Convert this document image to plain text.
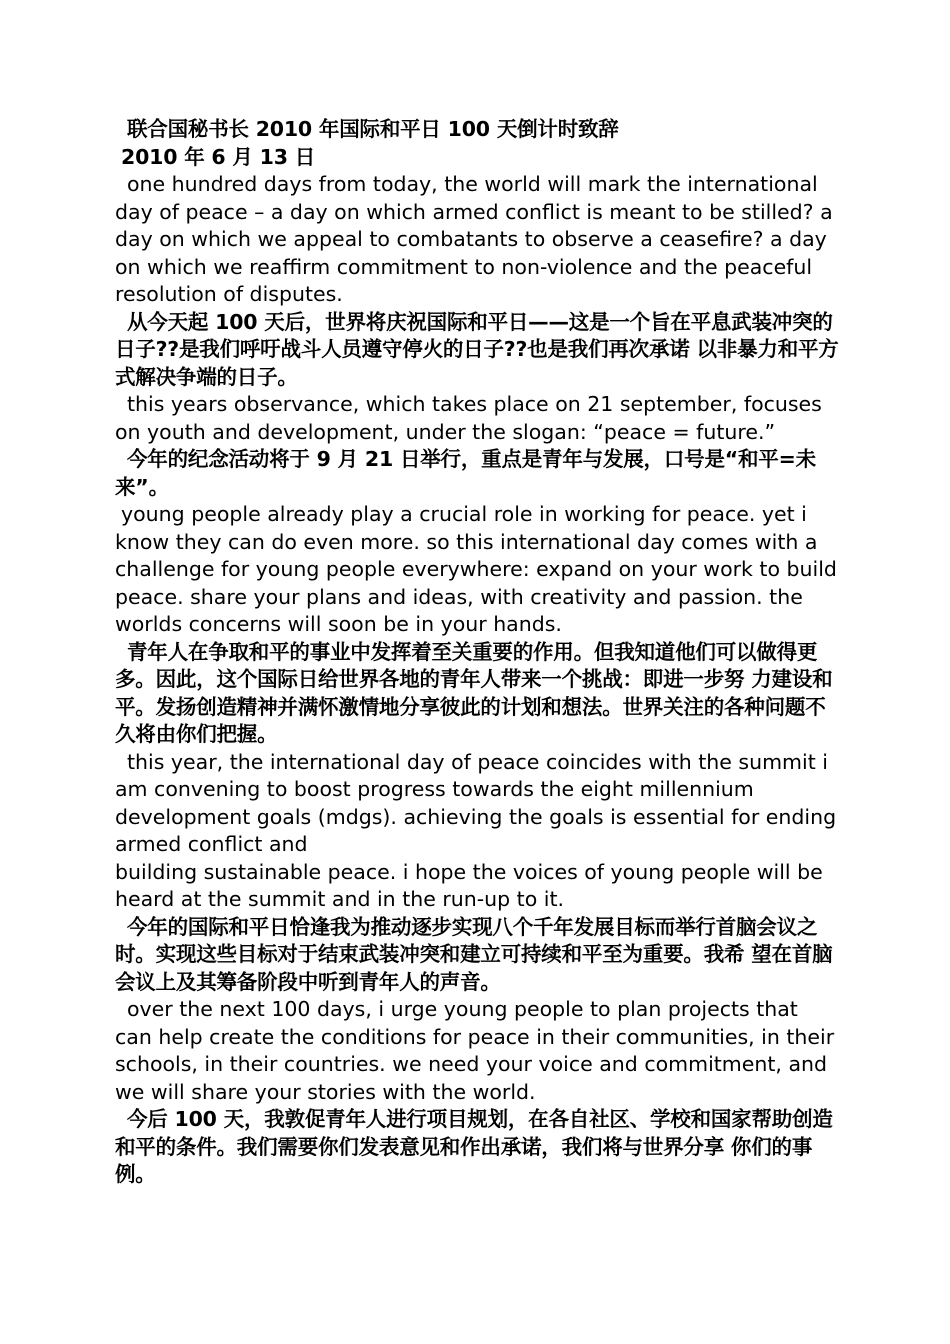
联合国秘书长 2010 年国际和平日 100 天倒计时致辞

2010 年 6 月 13 日

one hundred days from today, the world will mark the international day of peace – a day on which armed conflict is meant to be stilled? a day on which we appeal to combatants to observe a ceasefire? a day on which we reaffirm commitment to non-violence and the peaceful resolution of disputes.

从今天起 100 天后，世界将庆祝国际和平日——这是一个旨在平息武装冲突的日子??是我们呼吁战斗人员遵守停火的日子??也是我们再次承诺 以非暴力和平方式解决争端的日子。

this years observance, which takes place on 21 september, focuses on youth and development, under the slogan: “peace = future.”

今年的纪念活动将于 9 月 21 日举行，重点是青年与发展，口号是“和平=未来”。

young people already play a crucial role in working for peace. yet i know they can do even more. so this international day comes with a challenge for young people everywhere: expand on your work to build peace. share your plans and ideas, with creativity and passion. the worlds concerns will soon be in your hands.

青年人在争取和平的事业中发挥着至关重要的作用。但我知道他们可以做得更多。因此，这个国际日给世界各地的青年人带来一个挑战：即进一步努 力建设和平。发扬创造精神并满怀激情地分享彼此的计划和想法。世界关注的各种问题不久将由你们把握。

this year, the international day of peace coincides with the summit i am convening to boost progress towards the eight millennium development goals (mdgs). achieving the goals is essential for ending armed conflict and

building sustainable peace. i hope the voices of young people will be heard at the summit and in the run-up to it.

今年的国际和平日恰逢我为推动逐步实现八个千年发展目标而举行首脑会议之时。实现这些目标对于结束武装冲突和建立可持续和平至为重要。我希 望在首脑会议上及其筹备阶段中听到青年人的声音。

over the next 100 days, i urge young people to plan projects that can help create the conditions for peace in their communities, in their schools, in their countries. we need your voice and commitment, and we will share your stories with the world.

今后 100 天，我敦促青年人进行项目规划，在各自社区、学校和国家帮助创造和平的条件。我们需要你们发表意见和作出承诺，我们将与世界分享 你们的事例。
